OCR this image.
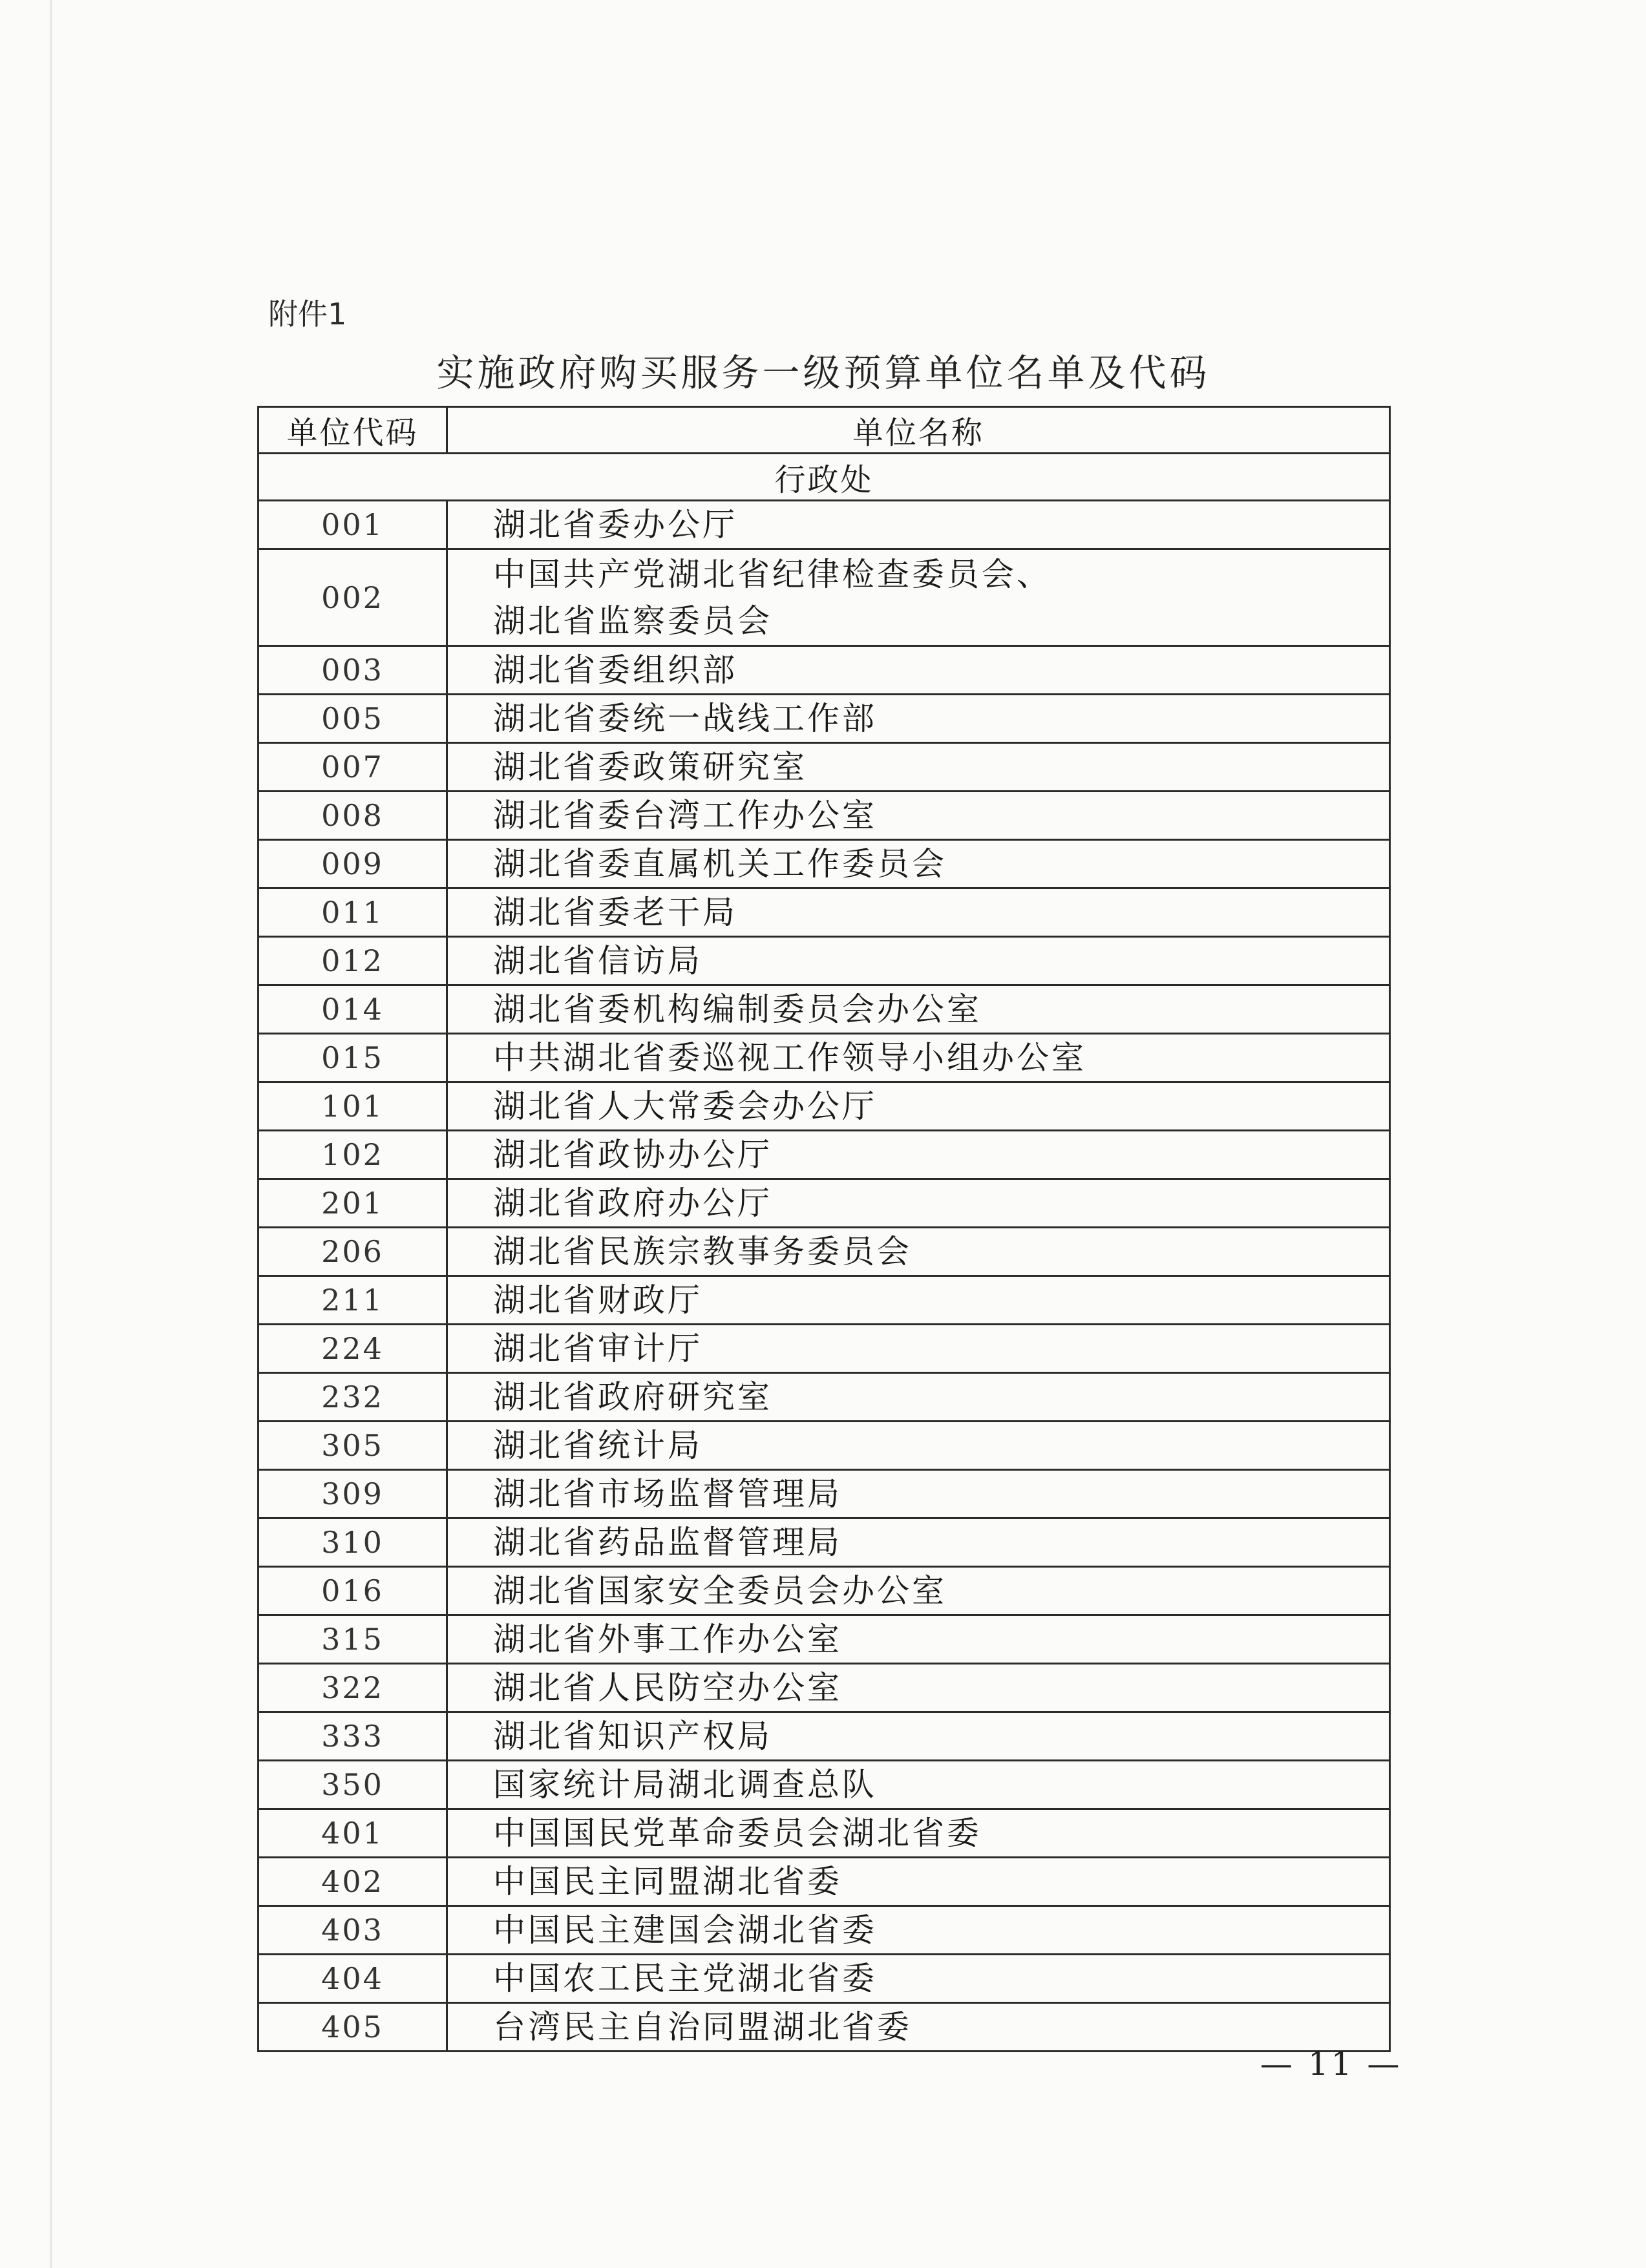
附件1
实施政府购买服务一级预算单位名单及代码
单位代码	单位名称
行政处	
001	湖北省委办公厅

002	中国共产党湖北省纪律检查委员会、
湖北省监察委员会

003	湖北省委组织部

005	湖北省委统一战线工作部

007	湖北省委政策研究室

008	湖北省委台湾工作办公室

009	湖北省委直属机关工作委员会

011	湖北省委老干局

012	湖北省信访局

014	湖北省委机构编制委员会办公室

015	中共湖北省委巡视工作领导小组办公室

101	湖北省人大常委会办公厅

102	湖北省政协办公厅

201	湖北省政府办公厅

206	湖北省民族宗教事务委员会

211	湖北省财政厅

224	湖北省审计厅

232	湖北省政府研究室

305	湖北省统计局

309	湖北省市场监督管理局

310	湖北省药品监督管理局

016	湖北省国家安全委员会办公室

315	湖北省外事工作办公室

322	湖北省人民防空办公室

333	湖北省知识产权局

350	国家统计局湖北调查总队

401	中国国民党革命委员会湖北省委

402	中国民主同盟湖北省委

403	中国民主建国会湖北省委

404	中国农工民主党湖北省委

405	台湾民主自治同盟湖北省委
— 11 —
